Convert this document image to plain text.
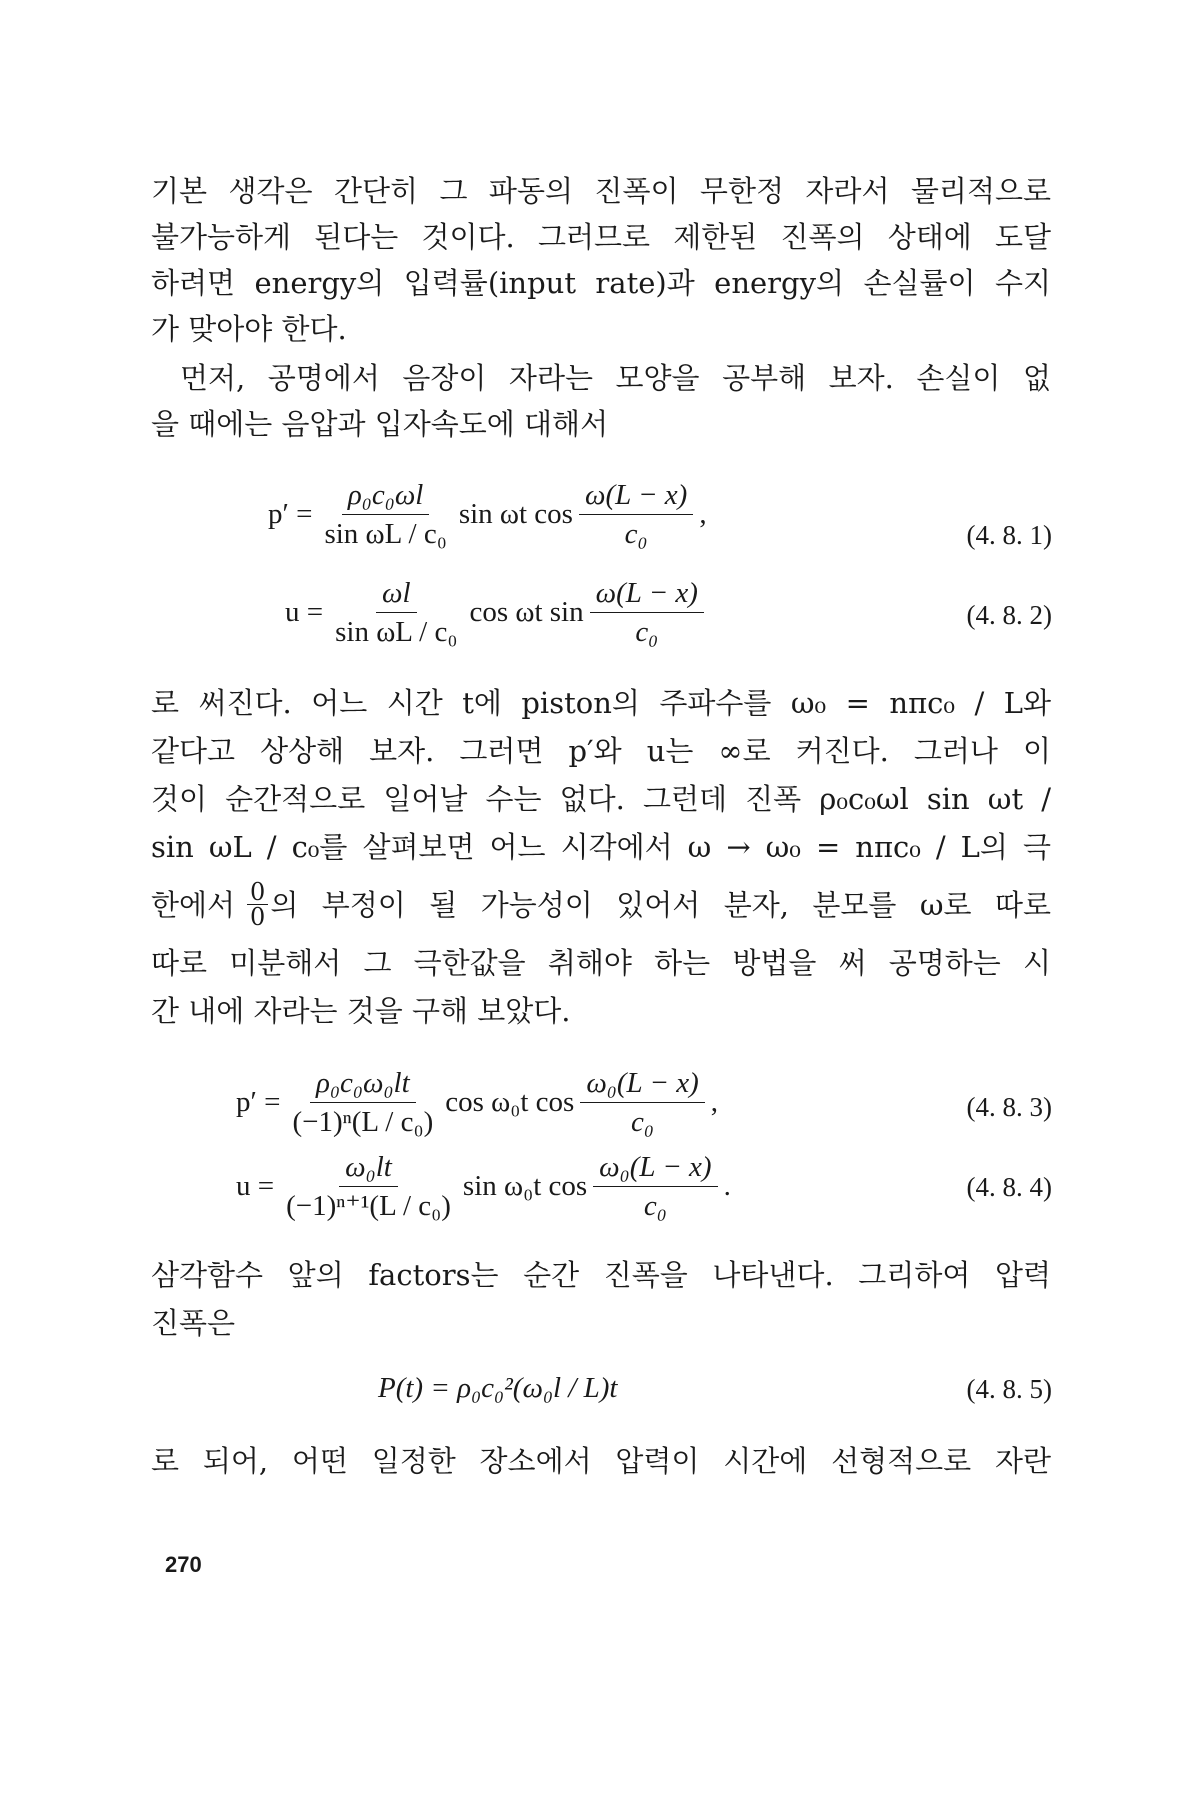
기본 생각은 간단히 그 파동의 진폭이 무한정 자라서 물리적으로
불가능하게 된다는 것이다. 그러므로 제한된 진폭의 상태에 도달
하려면 energy의 입력률(input rate)과 energy의 손실률이 수지
가 맞아야 한다.
먼저, 공명에서 음장이 자라는 모양을 공부해 보자. 손실이 없
을 때에는 음압과 입자속도에 대해서
$p' = \frac{\text{ρ₀c₀ωl}}{\text{sin ωL / c₀}}$ sin ωt $\cos \frac{\omega(L - x)}{\text{c₀}}$ ,
(4. 8. 1)
$u = \frac{\omega l}{\text{sin ωL / c₀}}$ cos ωt $\sin \frac{\omega(L - x)}{\text{c₀}}$	(4. 8. 2)
로 써진다. 어느 시간 t에 piston의 주파수를 ω₀ = nπc₀ / L와
같다고 상상해 보자. 그러면 p′와 u는 ∞로 커진다. 그러나 이
것이 순간적으로 일어날 수는 없다. 그런데 진폭 ρ₀c₀ωl sin ωt /
sin ωL / c₀를 살펴보면 어느 시각에서 ω → ω₀ = nπc₀ / L의 극
한에서 $\frac{0}{0}$ 의 부정이 될 가능성이 있어서 분자, 분모를 ω로 따로
따로 미분해서 그 극한값을 취해야 하는 방법을 써 공명하는 시
간 내에 자라는 것을 구해 보았다.
$p' = \frac{\text{ρ₀c₀ω₀lt}}{\text{(−1)ⁿ(L / c₀)}}$ cos ω₀t $\cos \frac{\text{ω₀(L − x)}}{\text{c₀}}$ ,	(4. 8. 3)
$u = \frac{\text{ω₀lt}}{\text{(−1)ⁿ⁺¹(L / c₀)}}$ sin ω₀t $\cos \frac{\text{ω₀(L − x)}}{\text{c₀}}$ .	(4. 8. 4)
삼각함수 앞의 factors는 순간 진폭을 나타낸다. 그리하여 압력
진폭은
P(t) = ρ₀c₀²(ω₀l / L)t	(4. 8. 5)
로 되어, 어떤 일정한 장소에서 압력이 시간에 선형적으로 자란
270
